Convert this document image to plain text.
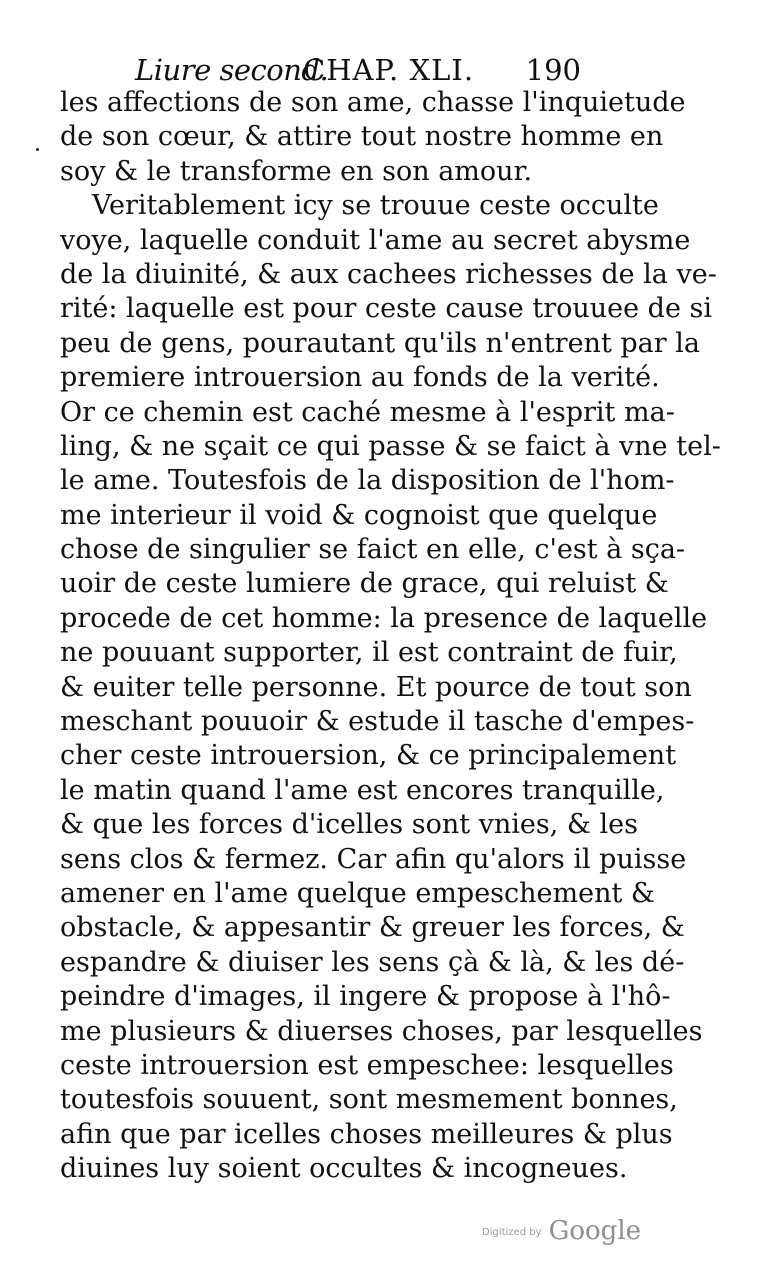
Liure second.
CHAP. XLI. 190
les affections de son ame, chasse l'inquietude
de son cœur, & attire tout nostre homme en
soy & le transforme en son amour.
Veritablement icy se trouue ceste occulte
voye, laquelle conduit l'ame au secret abysme
de la diuinité, & aux cachees richesses de la ve-
rité: laquelle est pour ceste cause trouuee de si
peu de gens, pourautant qu'ils n'entrent par la
premiere introuersion au fonds de la verité.
Or ce chemin est caché mesme à l'esprit ma-
ling, & ne sçait ce qui passe & se faict à vne tel-
le ame. Toutesfois de la disposition de l'hom-
me interieur il void & cognoist que quelque
chose de singulier se faict en elle, c'est à sça-
uoir de ceste lumiere de grace, qui reluist &
procede de cet homme: la presence de laquelle
ne pouuant supporter, il est contraint de fuir,
& euiter telle personne. Et pource de tout son
meschant pouuoir & estude il tasche d'empes-
cher ceste introuersion, & ce principalement
le matin quand l'ame est encores tranquille,
& que les forces d'icelles sont vnies, & les
sens clos & fermez. Car afin qu'alors il puisse
amener en l'ame quelque empeschement &
obstacle, & appesantir & greuer les forces, &
espandre & diuiser les sens çà & là, & les dé-
peindre d'images, il ingere & propose à l'hô-
me plusieurs & diuerses choses, par lesquelles
ceste introuersion est empeschee: lesquelles
toutesfois souuent, sont mesmement bonnes,
afin que par icelles choses meilleures & plus
diuines luy soient occultes & incogneues.
$^{Digitized by}$ Google
